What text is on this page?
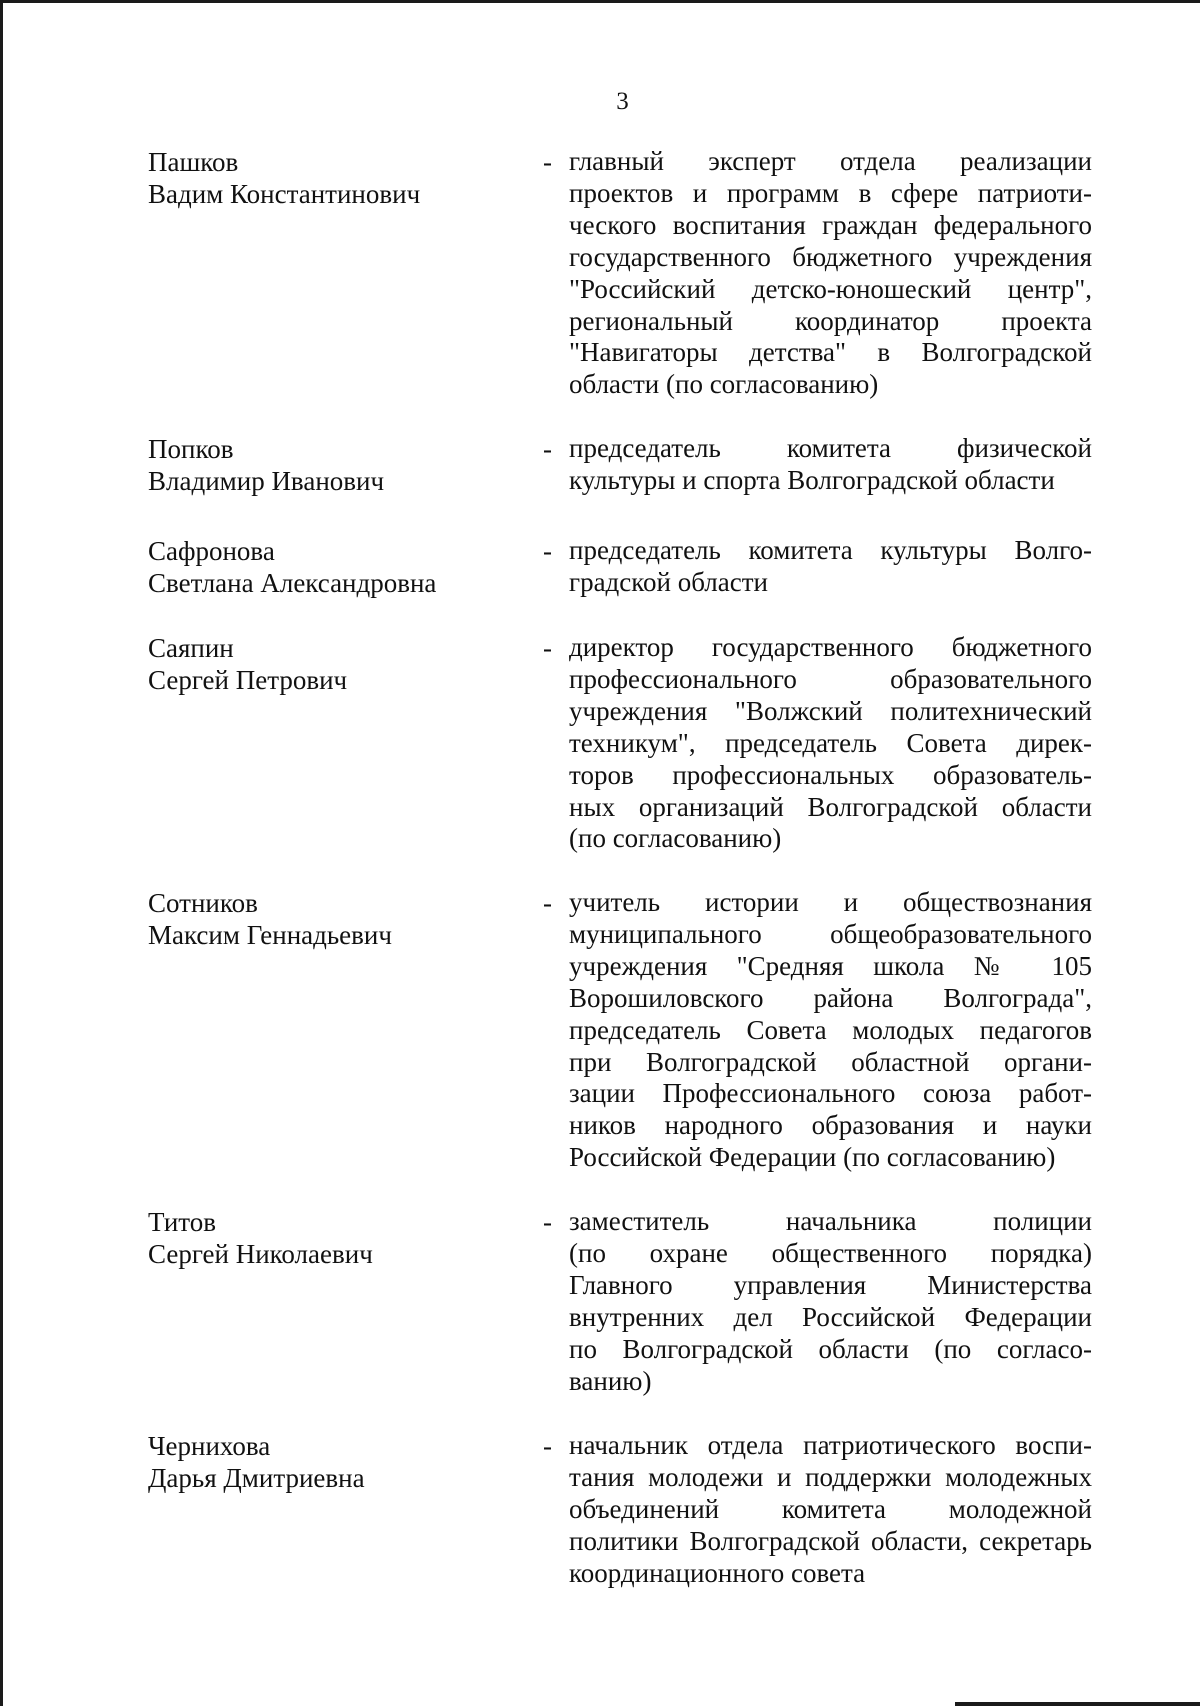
3
Пашков
Вадим Константинович
- главный эксперт отдела реализации
проектов и программ в сфере патриоти-
ческого воспитания граждан федерального
государственного бюджетного учреждения
"Российский детско-юношеский центр",
региональный координатор проекта
"Навигаторы детства" в Волгоградской
области (по согласованию)
Попков
Владимир Иванович
- председатель комитета физической
культуры и спорта Волгоградской области
Сафронова
Светлана Александровна
- председатель комитета культуры Волго-
градской области
Саяпин
Сергей Петрович
- директор государственного бюджетного
профессионального образовательного
учреждения "Волжский политехнический
техникум", председатель Совета дирек-
торов профессиональных образователь-
ных организаций Волгоградской области
(по согласованию)
Сотников
Максим Геннадьевич
- учитель истории и обществознания
муниципального общеобразовательного
учреждения "Средняя школа № 105
Ворошиловского района Волгограда",
председатель Совета молодых педагогов
при Волгоградской областной органи-
зации Профессионального союза работ-
ников народного образования и науки
Российской Федерации (по согласованию)
Титов
Сергей Николаевич
- заместитель начальника полиции
(по охране общественного порядка)
Главного управления Министерства
внутренних дел Российской Федерации
по Волгоградской области (по согласо-
ванию)
Чернихова
Дарья Дмитриевна
- начальник отдела патриотического воспи-
тания молодежи и поддержки молодежных
объединений комитета молодежной
политики Волгоградской области, секретарь
координационного совета
